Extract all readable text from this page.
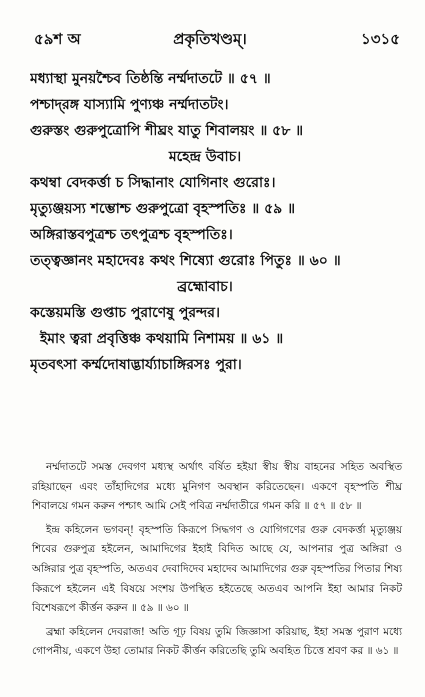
৫৯শ অ	প্রকৃতিখণ্ডম্।	১৩১৫
মধ্যাস্থা মুনয়শ্চৈব তিষ্ঠন্তি নর্ম্মদাতটে ॥ ৫৭ ॥
পশ্চাদ্‌রঙ্গ যাস্যামি পুণ্যঞ্চ নর্ম্মদাতটং।
গুরুস্তং গুরুপুত্রোপি শীঘ্রং যাতু শিবালয়ং ॥ ৫৮ ॥
মহেন্দ্র উবাচ।
কথম্বা বেদকর্ত্তা চ সিদ্ধানাং যোগিনাং গুরোঃ।
মৃত্যুঞ্জয়স্য শম্ভোশ্চ গুরুপুত্রো বৃহস্পতিঃ ॥ ৫৯ ॥
অঙ্গিরাস্তবপুত্রশ্চ তৎপুত্রশ্চ বৃহস্পতিঃ।
তত্ত্বজ্ঞানং মহাদেবঃ কথং শিষ্যো গুরোঃ পিতুঃ ॥ ৬০ ॥
ব্রহ্মোবাচ।
কস্তেয়মস্তি গুপ্তাচ পুরাণেষু পুরন্দর।
ইমাং ত্বরা প্রবৃত্তিঞ্চ কথয়ামি নিশাময় ॥ ৬১ ॥
মৃতবৎসা কর্ম্মদোষাদ্ভার্য্যাচাঙ্গিরসঃ পুরা।

নর্ম্মদাতটে সমস্ত দেবগণ মধ্যস্থ অর্থাৎ বর্ষিত হইয়া স্বীয় স্বীয় বাহনের সহিত অবস্থিত রহিয়াছেন এবং তাঁহাদিগের মধ্যে মুনিগণ অবস্থান করিতেছেন। একণে বৃহস্পতি শীঘ্র শিবালয়ে গমন করুন পশ্চাৎ আমি সেই পবিত্র নর্ম্মদাতীরে গমন করি ॥ ৫৭ ॥ ৫৮ ॥

ইন্দ্র কহিলেন ভগবন্! বৃহস্পতি কিরূপে সিদ্ধগণ ও যোগিগণের গুরু বেদকর্ত্তা মৃত্যুঞ্জয় শিবের গুরুপুত্র হইলেন, আমাদিগের ইহাই বিদিত আছে যে, আপনার পুত্র অঙ্গিরা ও অঙ্গিরার পুত্র বৃহস্পতি, অতএব দেবাদিদেব মহাদেব আমাদিগের গুরু বৃহস্পতির পিতার শিষ্য কিরূপে হইলেন এই বিষয়ে সংশয় উপস্থিত হইতেছে অতএব আপনি ইহা আমার নিকট বিশেষরূপে কীর্ত্তন করুন ॥ ৫৯ ॥ ৬০ ॥

ব্রহ্মা কহিলেন দেবরাজ! অতি গূঢ় বিষয় তুমি জিজ্ঞাসা করিয়াছ, ইহা সমস্ত পুরাণ মধ্যে গোপনীয়, একণে উহা তোমার নিকট কীর্ত্তন করিতেছি তুমি অবহিত চিত্তে শ্রবণ কর ॥ ৬১ ॥
